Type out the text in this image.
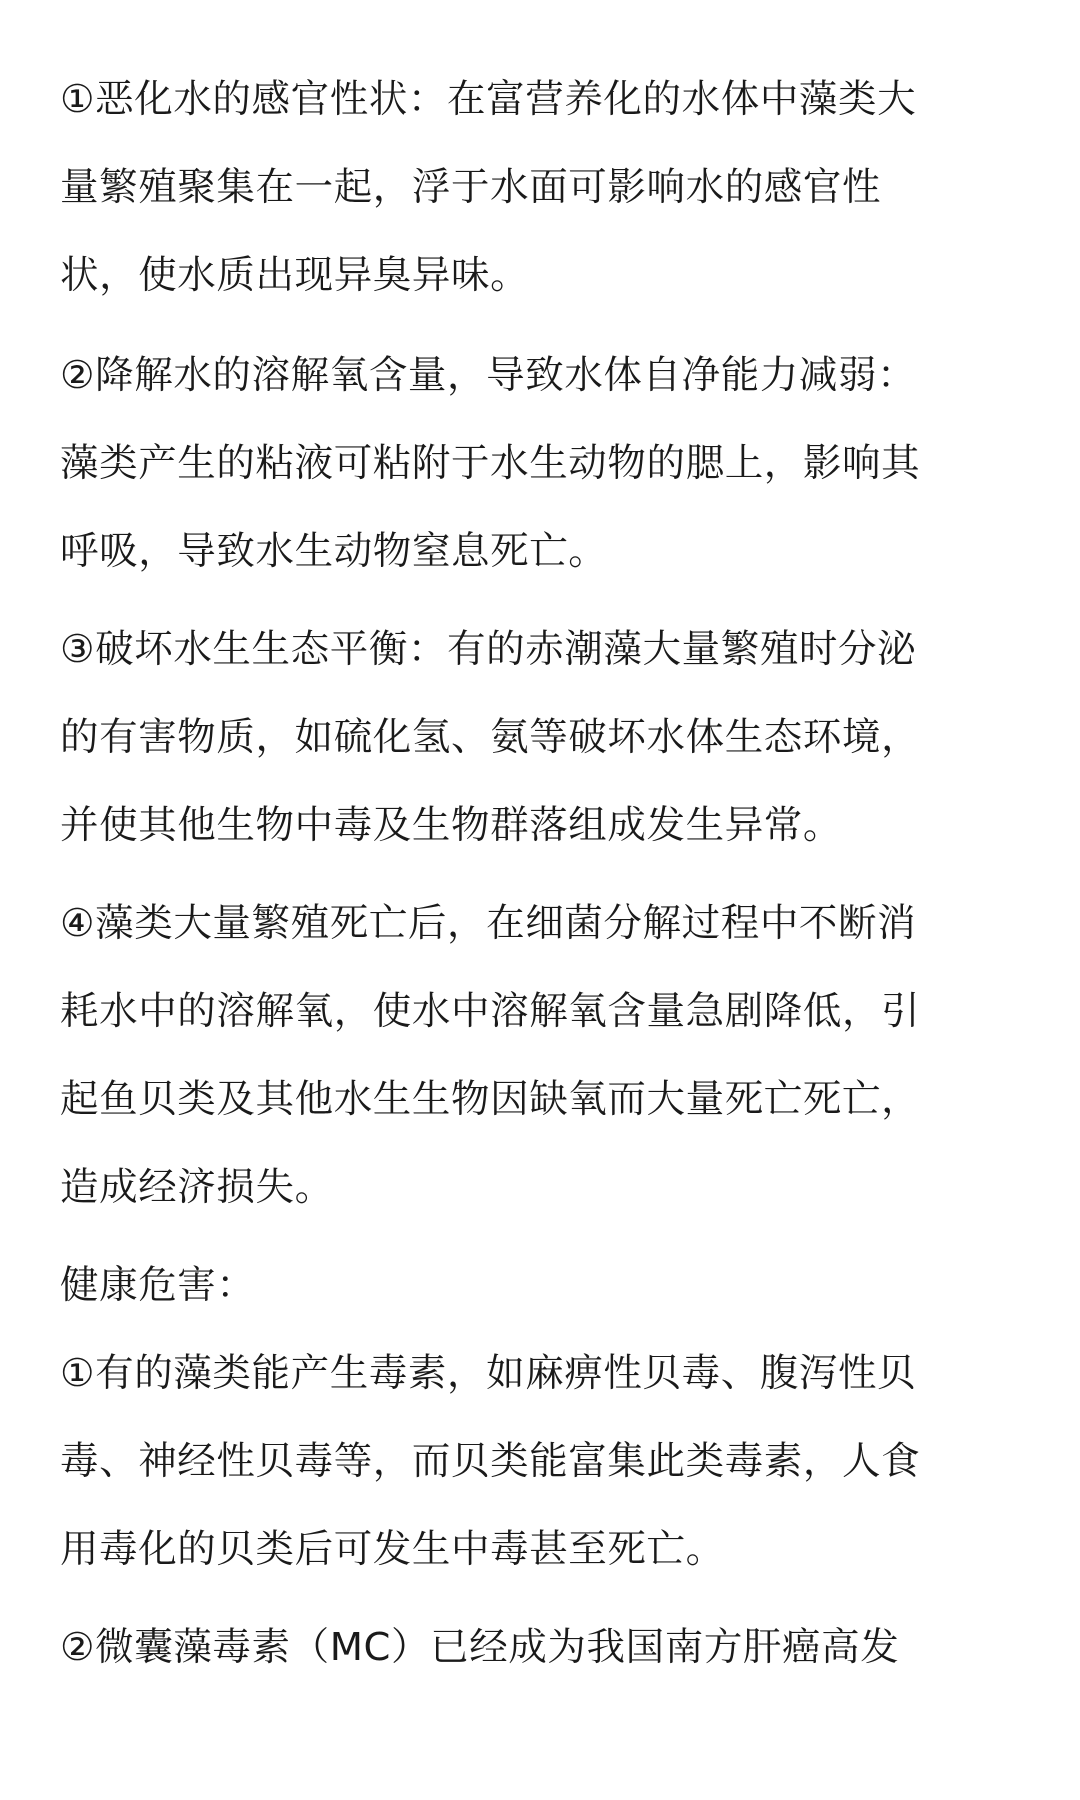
①恶化水的感官性状：在富营养化的水体中藻类大
量繁殖聚集在一起，浮于水面可影响水的感官性
状，使水质出现异臭异味。

②降解水的溶解氧含量，导致水体自净能力减弱：
藻类产生的粘液可粘附于水生动物的腮上，影响其
呼吸，导致水生动物窒息死亡。

③破坏水生生态平衡：有的赤潮藻大量繁殖时分泌
的有害物质，如硫化氢、氨等破坏水体生态环境，
并使其他生物中毒及生物群落组成发生异常。

④藻类大量繁殖死亡后，在细菌分解过程中不断消
耗水中的溶解氧，使水中溶解氧含量急剧降低，引
起鱼贝类及其他水生生物因缺氧而大量死亡死亡，
造成经济损失。

健康危害：

①有的藻类能产生毒素，如麻痹性贝毒、腹泻性贝
毒、神经性贝毒等，而贝类能富集此类毒素，人食
用毒化的贝类后可发生中毒甚至死亡。

②微囊藻毒素（MC）已经成为我国南方肝癌高发
